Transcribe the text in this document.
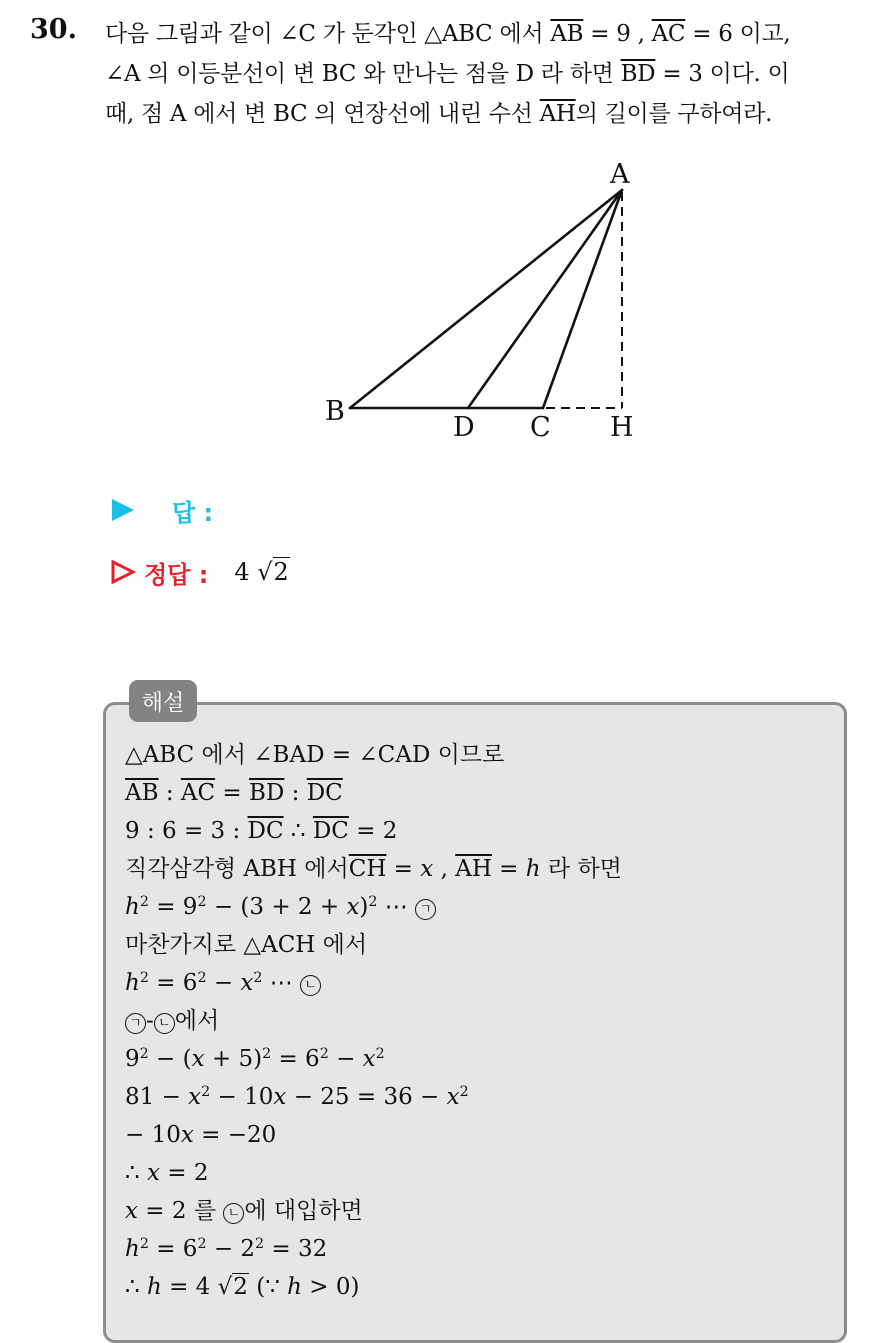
30. 다음 그림과 같이 ∠C 가 둔각인 △ABC 에서 $\overline{AB} = 9$ , $\overline{AC} = 6$ 이고,
∠A 의 이등분선이 변 BC 와 만나는 점을 D 라 하면 $\overline{BD} = 3$ 이다. 이
때, 점 A 에서 변 BC 의 연장선에 내린 수선 $\overline{AH}$의 길이를 구하여라.
A
B
D C H
답 :
정답 : 4 √2
해설
△ABC 에서 ∠BAD = ∠CAD 이므로
$\overline{AB}$ : $\overline{AC} = \overline{BD}$ : $\overline{DC}$
9 : 6 = 3 : $\overline{DC}$ ∴ $\overline{DC} = 2$
직각삼각형 ABH 에서$\overline{CH} = x$ , $\overline{AH} = h$ 라 하면
$h^2 = 9^2 - (3 + 2 + x)^2$ ⋯ ㄱ
마찬가지로 △ACH 에서
$h^2 = 6^2 - x^2$ ⋯ ㄴ
ㄱ - ㄴ 에서
$9^2 - (x + 5)^2 = 6^2 - x^2$
$81 - x^2 - 10x - 25 = 36 - x^2$
− 10x = −20
∴ x = 2
x = 2 를 ㄴ 에 대입하면
$h^2 = 6^2 - 2^2 = 32$
∴ h = 4 √2 (∵ h > 0)
